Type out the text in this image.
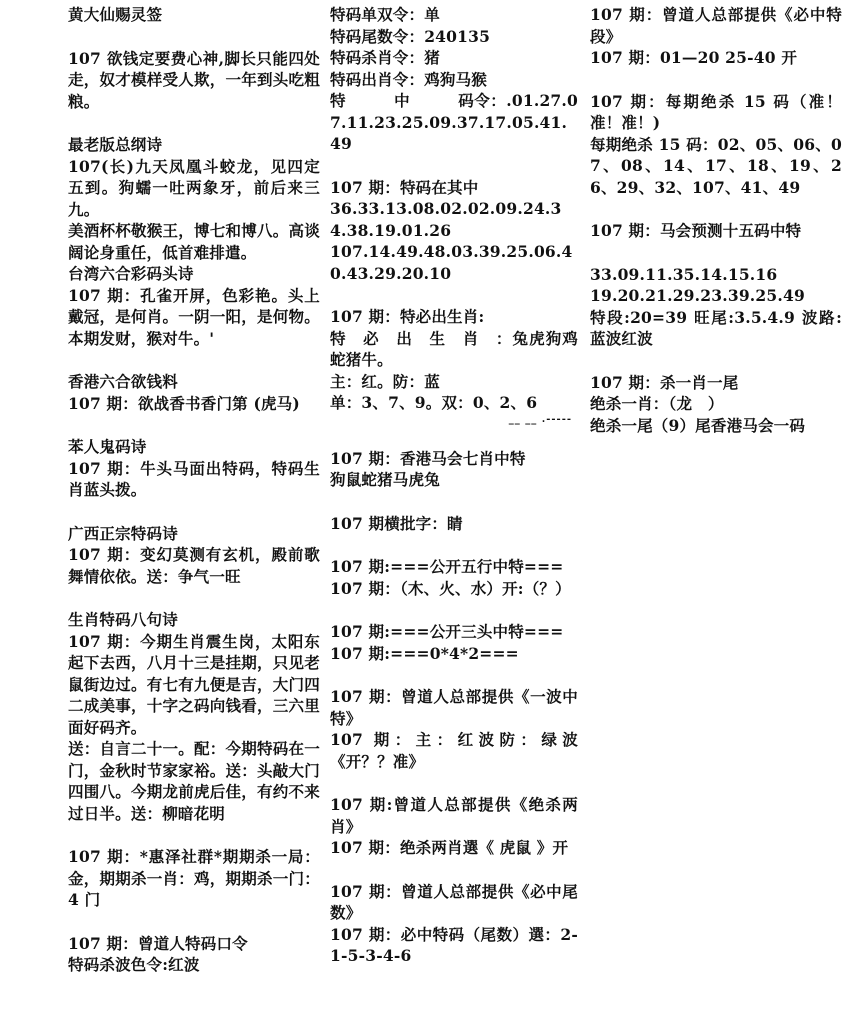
黄大仙赐灵签

107 欲钱定要费心神,脚长只能四处走，奴才模样受人欺，一年到头吃粗粮。

最老版总纲诗

107(长)九天凤凰斗蛟龙，见四定五到。狗蠕一吐两象牙，前后来三九。

美酒杯杯敬猴王，博七和博八。高谈阔论身重任，低首难排遣。

台湾六合彩码头诗

107 期：孔雀开屏，色彩艳。头上戴冠，是何肖。一阴一阳，是何物。本期发财，猴对牛。'

香港六合欲钱料

107 期：欲战香书香门第 (虎马)

苯人鬼码诗

107 期：牛头马面出特码，特码生肖蓝头拨。

广西正宗特码诗

107 期：变幻莫测有玄机，殿前歌舞情依依。送：争气一旺

生肖特码八句诗

107 期：今期生肖震生岗，太阳东起下去西，八月十三是挂期，只见老鼠街边过。有七有九便是吉，大门四二成美事，十字之码向钱看，三六里面好码齐。

送：自言二十一。配：今期特码在一门，金秋时节家家裕。送：头敲大门四围八。今期龙前虎后佳，有约不来过日半。送：柳暗花明

107 期：*惠泽社群*期期杀一局：金，期期杀一肖：鸡，期期杀一门：4 门

107 期：曾道人特码口令

特码杀波色令:红波

特码单双令：单

特码尾数令：240135

特码杀肖令：猪

特码出肖令：鸡狗马猴

特　　　中　　　码令：.01.27.07.11.23.25.09.37.17.05.41.49

107 期：特码在其中

36.33.13.08.02.02.09.24.34.38.19.01.26

107.14.49.48.03.39.25.06.40.43.29.20.10

107 期：特必出生肖:

特　必　出　生　肖　：兔虎狗鸡蛇猪牛。

主：红。防：蓝

单：3、7、9。双：0、2、6

__ __ .-----

107 期：香港马会七肖中特

狗鼠蛇猪马虎兔

107 期横批字：睛

107 期:===公开五行中特===

107 期：（木、火、水）开:（？）

107 期:===公开三头中特===

107 期:===0*4*2===

107 期：曾道人总部提供《一波中特》

107 期：主：红波防：绿波《开？？准》

107 期:曾道人总部提供《绝杀两肖》

107 期：绝杀两肖選《 虎鼠 》开

107 期：曾道人总部提供《必中尾数》

107 期：必中特码（尾数）選：2-1-5-3-4-6

107 期：曾道人总部提供《必中特段》

107 期：01—20 25-40 开

107 期：每期绝杀 15 码（准！准！准！)

每期绝杀 15 码：02、05、06、07、08、14、17、18、19、26、29、32、107、41、49

107 期：马会预测十五码中特

33.09.11.35.14.15.16

19.20.21.29.23.39.25.49

特段:20=39 旺尾:3.5.4.9 波路:蓝波红波

107 期：杀一肖一尾

绝杀一肖：（龙　）

绝杀一尾（9）尾香港马会一码
